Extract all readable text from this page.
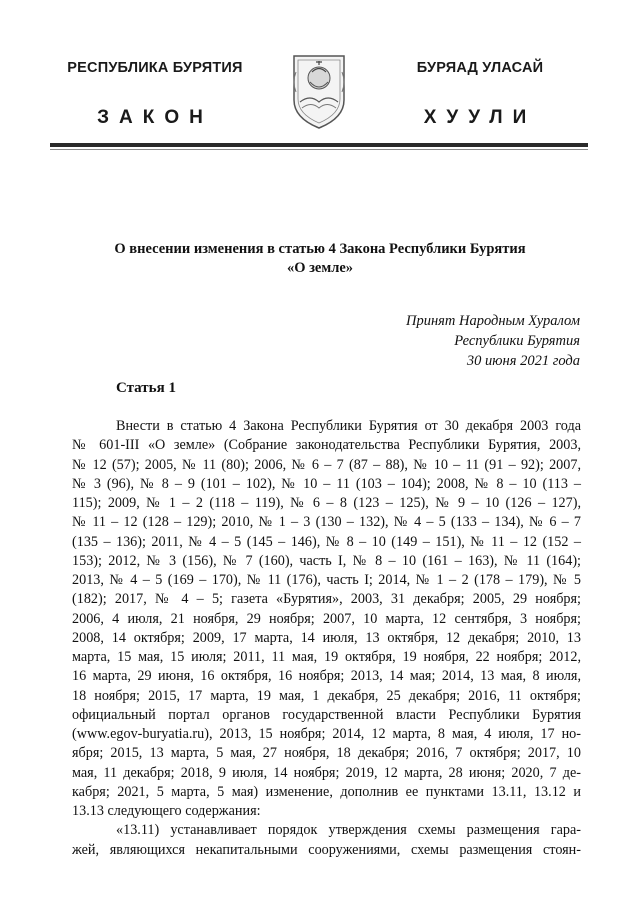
РЕСПУБЛИКА БУРЯТИЯ
ЗАКОН
БУРЯАД УЛАСАЙ
ХУУЛИ
О внесении изменения в статью 4 Закона Республики Бурятия
«О земле»
Принят Народным Хуралом
Республики Бурятия
30 июня 2021 года
Статья 1
Внести в статью 4 Закона Республики Бурятия от 30 декабря 2003 года
№ 601-III «О земле» (Собрание законодательства Республики Бурятия, 2003,
№ 12 (57); 2005, № 11 (80); 2006, № 6 – 7 (87 – 88), № 10 – 11 (91 – 92); 2007,
№ 3 (96), № 8 – 9 (101 – 102), № 10 – 11 (103 – 104); 2008, № 8 – 10 (113 –
115); 2009, № 1 – 2 (118 – 119), № 6 – 8 (123 – 125), № 9 – 10 (126 – 127),
№ 11 – 12 (128 – 129); 2010, № 1 – 3 (130 – 132), № 4 – 5 (133 – 134), № 6 – 7
(135 – 136); 2011, № 4 – 5 (145 – 146), № 8 – 10 (149 – 151), № 11 – 12 (152 –
153); 2012, № 3 (156), № 7 (160), часть I, № 8 – 10 (161 – 163), № 11 (164);
2013, № 4 – 5 (169 – 170), № 11 (176), часть I; 2014, № 1 – 2 (178 – 179), № 5
(182); 2017, № 4 – 5; газета «Бурятия», 2003, 31 декабря; 2005, 29 ноября;
2006, 4 июля, 21 ноября, 29 ноября; 2007, 10 марта, 12 сентября, 3 ноября;
2008, 14 октября; 2009, 17 марта, 14 июля, 13 октября, 12 декабря; 2010, 13
марта, 15 мая, 15 июля; 2011, 11 мая, 19 октября, 19 ноября, 22 ноября; 2012,
16 марта, 29 июня, 16 октября, 16 ноября; 2013, 14 мая; 2014, 13 мая, 8 июля,
18 ноября; 2015, 17 марта, 19 мая, 1 декабря, 25 декабря; 2016, 11 октября;
официальный портал органов государственной власти Республики Бурятия
(www.egov-buryatia.ru), 2013, 15 ноября; 2014, 12 марта, 8 мая, 4 июля, 17 но-
ября; 2015, 13 марта, 5 мая, 27 ноября, 18 декабря; 2016, 7 октября; 2017, 10
мая, 11 декабря; 2018, 9 июля, 14 ноября; 2019, 12 марта, 28 июня; 2020, 7 де-
кабря; 2021, 5 марта, 5 мая) изменение, дополнив ее пунктами 13.11, 13.12 и
13.13 следующего содержания:
«13.11) устанавливает порядок утверждения схемы размещения гара-
жей, являющихся некапитальными сооружениями, схемы размещения стоян-
